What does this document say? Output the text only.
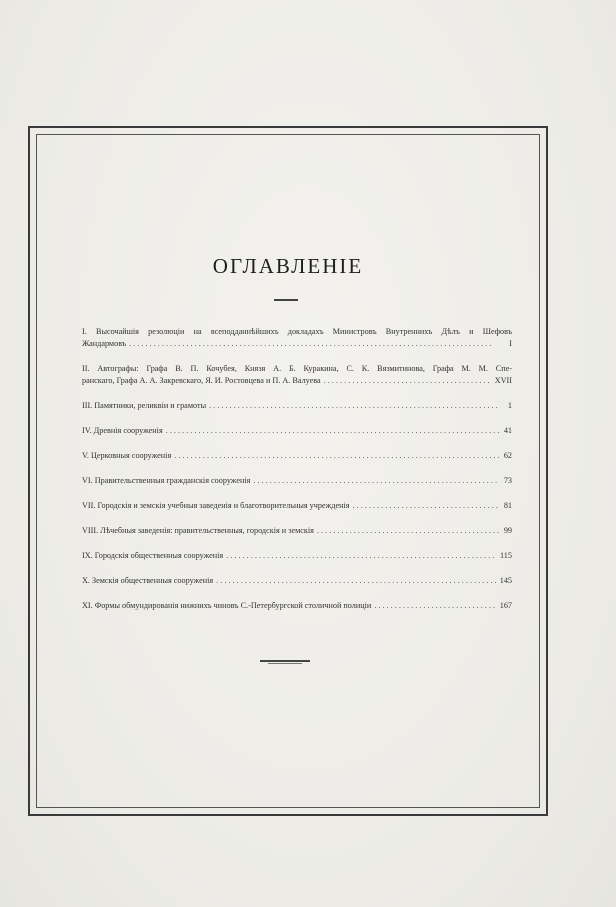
ОГЛАВЛЕНIЕ
I. Высочайшiя резолюцiи на всеподданнѣйшихъ докладахъ Министровъ Внутреннихъ Дѣлъ и Шефовъ
Жандармовъ . . .	I
II. Автографы: Графа В. П. Кочубея, Князя А. Б. Куракина, С. К. Вязмитинова, Графа М. М. Спе-
ранскаго, Графа А. А. Закревскаго, Я. И. Ростовцева и П. А. Валуева . . .	XVII
III. Памятники, реликвiи и грамоты . . .	1
IV. Древнiя сооруженiя . . .	41
V. Церковныя сооруженiя . . .	62
VI. Правительственныя гражданскiя сооруженiя . . .	73
VII. Городскiя и земскiя учебныя заведенiя и благотворительныя учрежденiя . . .	81
VIII. Лѣчебныя заведенiя: правительственныя, городскiя и земскiя . . .	99
IX. Городскiя общественныя сооруженiя . . .	115
X. Земскiя общественныя сооруженiя . . .	145
XI. Формы обмундированiя нижнихъ чиновъ С.-Петербургской столичной полицiи . . .	167
